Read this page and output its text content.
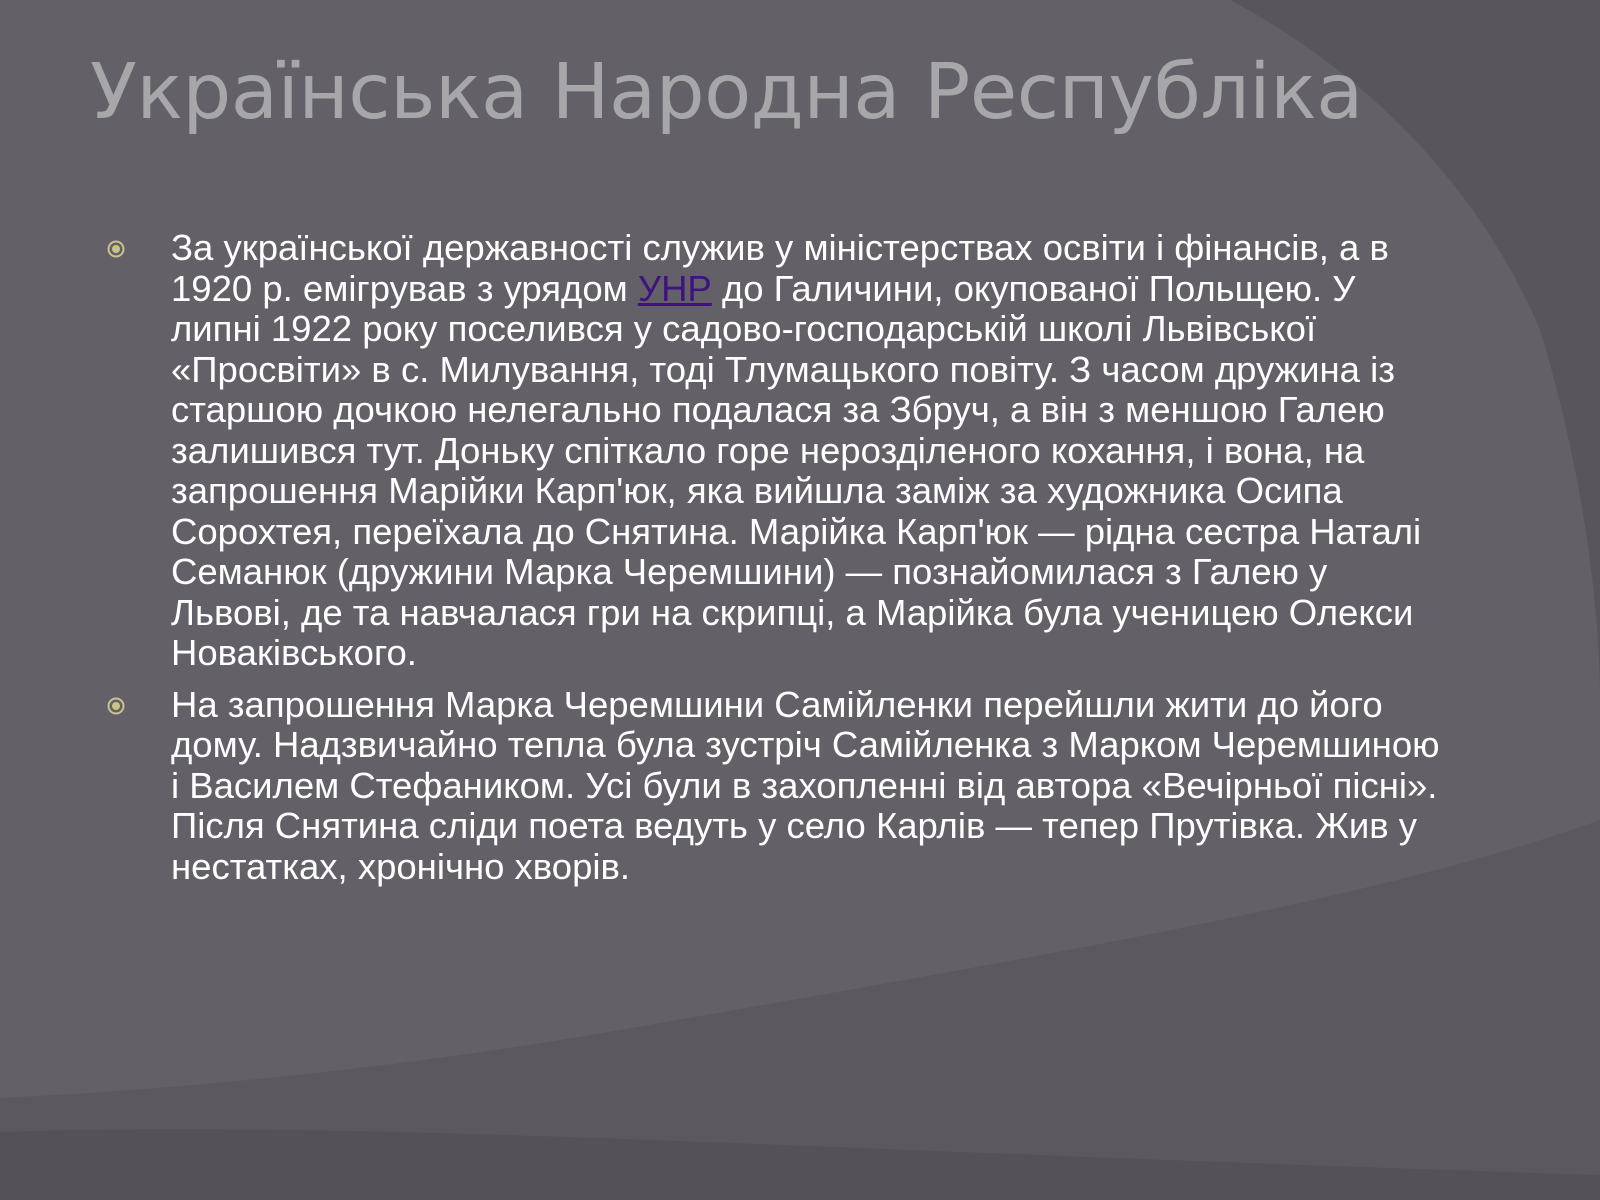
Українська Народна Республіка
За української державності служив у міністерствах освіти і фінансів, а в 1920 р. емігрував з урядом УНР до Галичини, окупованої Польщею. У липні 1922 року поселився у садово-господарській школі Львівської «Просвіти» в с. Милування, тоді Тлумацького повіту. З часом дружина із старшою дочкою нелегально подалася за Збруч, а він з меншою Галею залишився тут. Доньку спіткало горе нерозділеного кохання, і вона, на запрошення Марійки Карп'юк, яка вийшла заміж за художника Осипа Сорохтея, переїхала до Снятина. Марійка Карп'юк — рідна сестра Наталі Семанюк (дружини Марка Черемшини) — познайомилася з Галею у Львові, де та навчалася гри на скрипці, а Марійка була ученицею Олекси Новаківського.
На запрошення Марка Черемшини Самійленки перейшли жити до його дому. Надзвичайно тепла була зустріч Самійленка з Марком Черемшиною і Василем Стефаником. Усі були в захопленні від автора «Вечірньої пісні». Після Снятина сліди поета ведуть у село Карлів — тепер Прутівка. Жив у нестатках, хронічно хворів.
